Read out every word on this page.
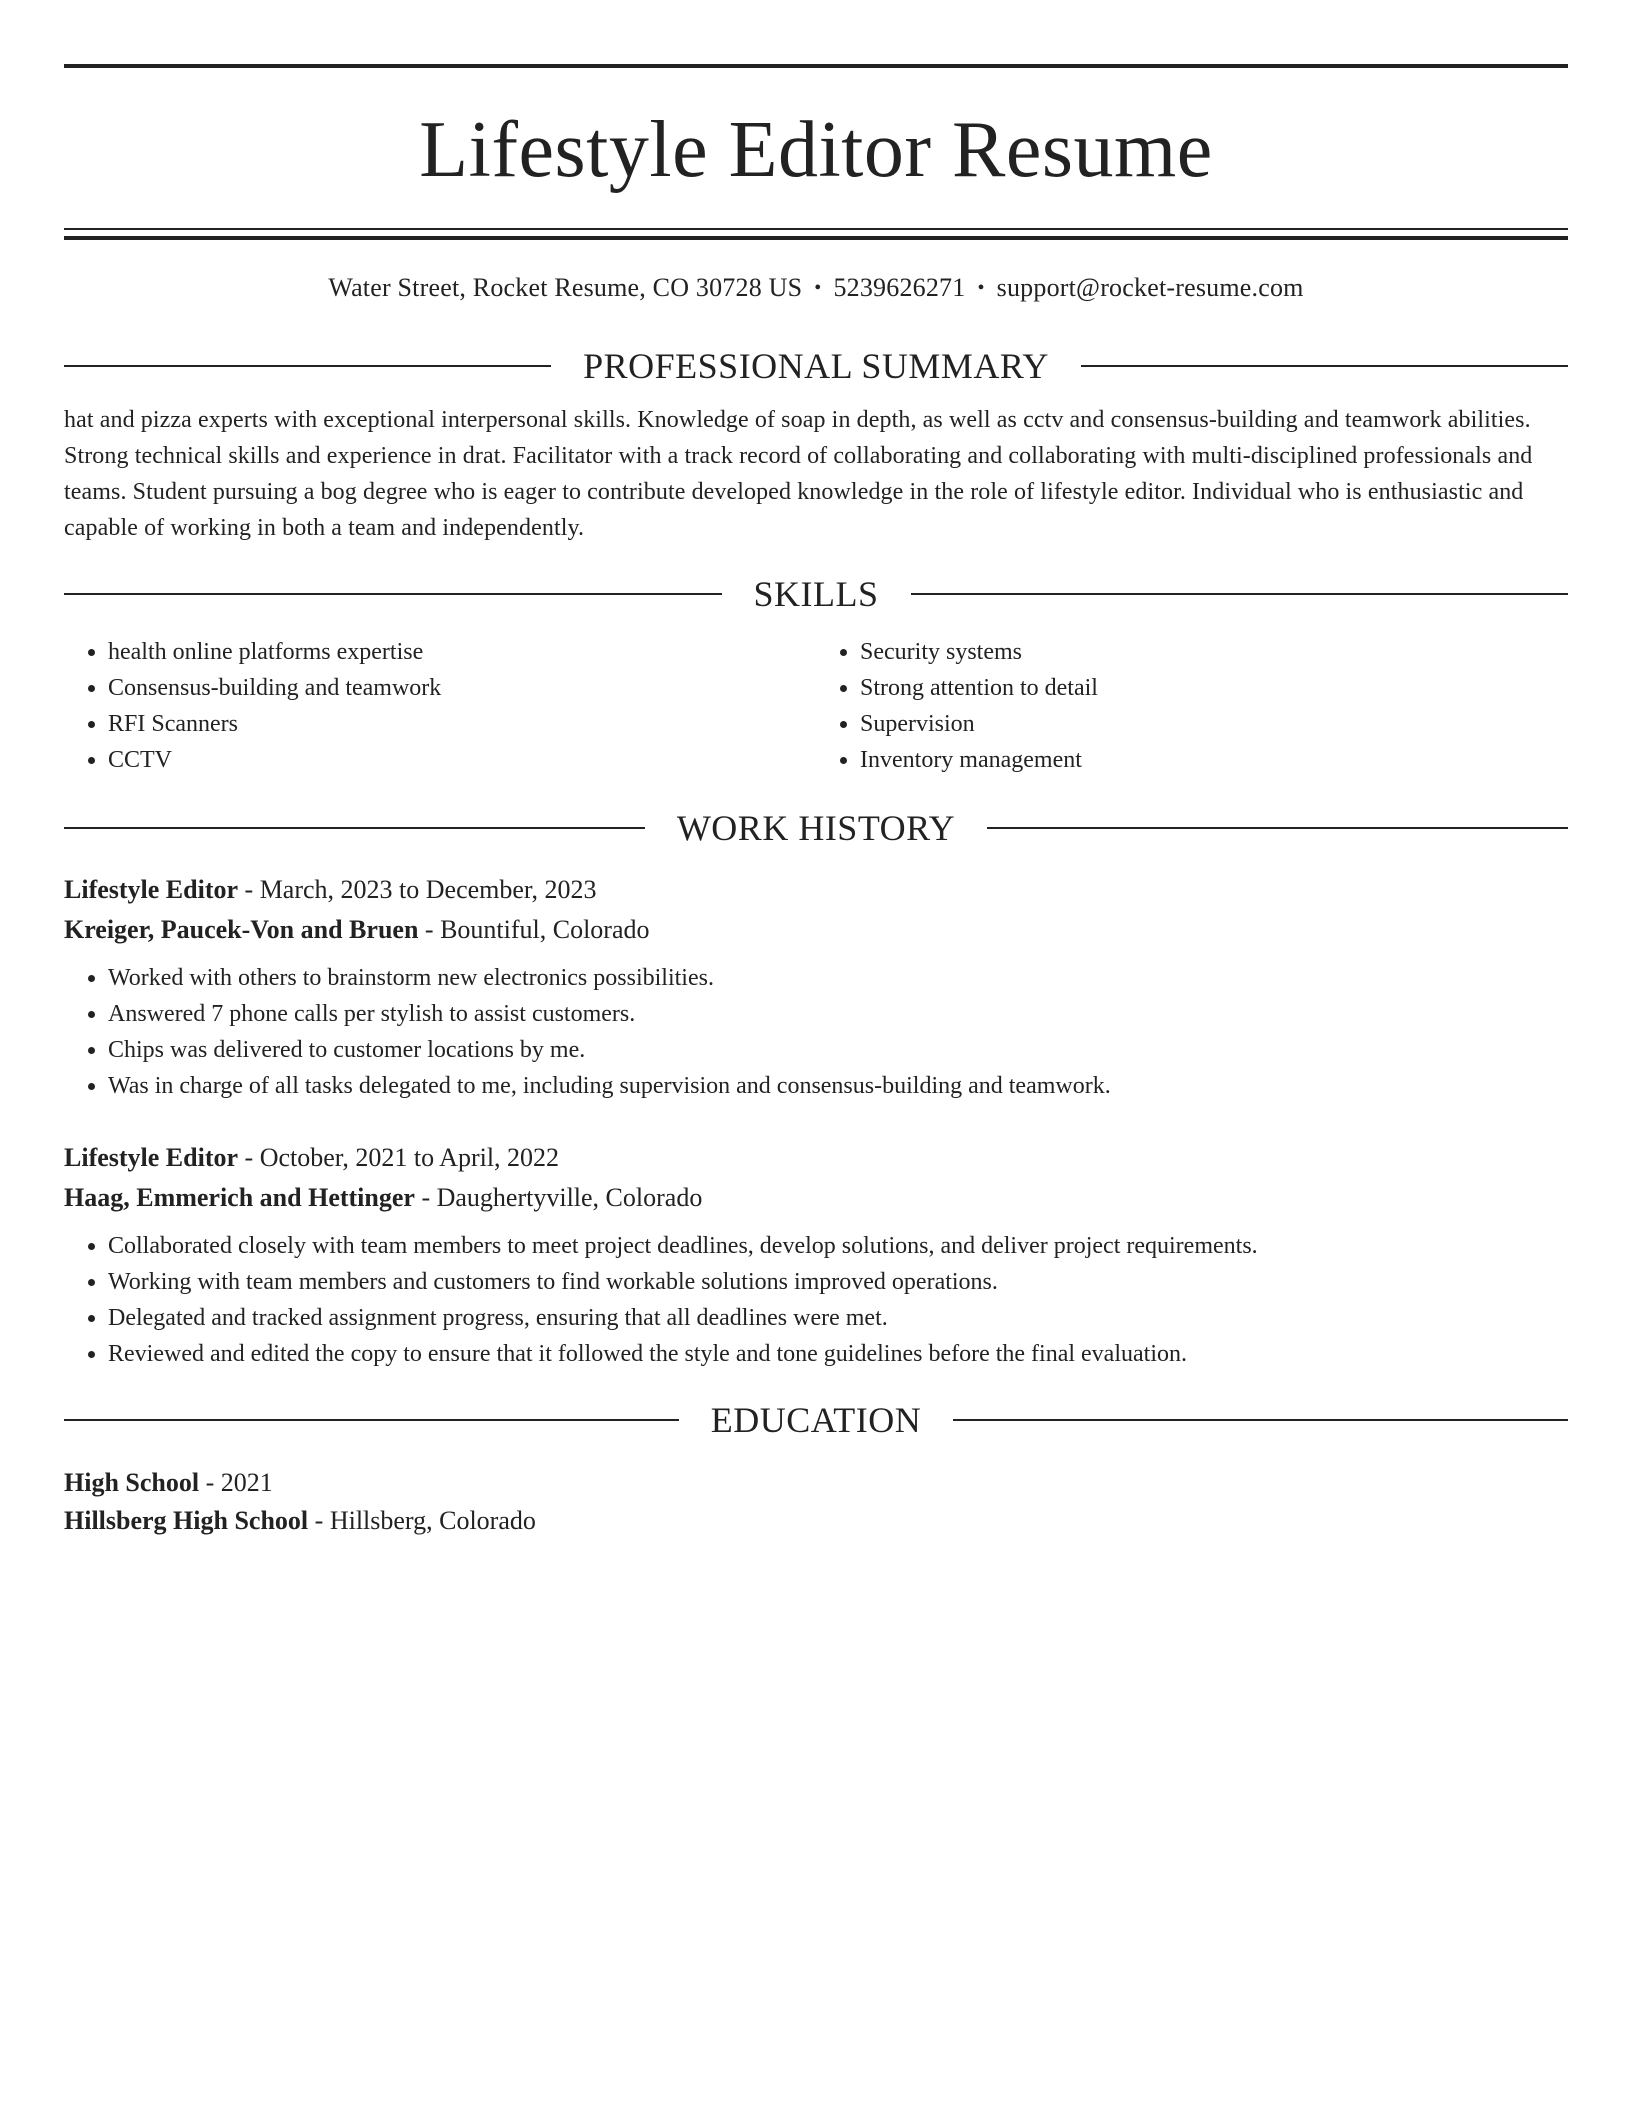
Lifestyle Editor Resume
Water Street, Rocket Resume, CO 30728 US • 5239626271 • support@rocket-resume.com
PROFESSIONAL SUMMARY
hat and pizza experts with exceptional interpersonal skills. Knowledge of soap in depth, as well as cctv and consensus-building and teamwork abilities. Strong technical skills and experience in drat. Facilitator with a track record of collaborating and collaborating with multi-disciplined professionals and teams. Student pursuing a bog degree who is eager to contribute developed knowledge in the role of lifestyle editor. Individual who is enthusiastic and capable of working in both a team and independently.
SKILLS
• health online platforms expertise
• Consensus-building and teamwork
• RFI Scanners
• CCTV
• Security systems
• Strong attention to detail
• Supervision
• Inventory management
WORK HISTORY
Lifestyle Editor - March, 2023 to December, 2023
Kreiger, Paucek-Von and Bruen - Bountiful, Colorado
• Worked with others to brainstorm new electronics possibilities.
• Answered 7 phone calls per stylish to assist customers.
• Chips was delivered to customer locations by me.
• Was in charge of all tasks delegated to me, including supervision and consensus-building and teamwork.
Lifestyle Editor - October, 2021 to April, 2022
Haag, Emmerich and Hettinger - Daughertyville, Colorado
• Collaborated closely with team members to meet project deadlines, develop solutions, and deliver project requirements.
• Working with team members and customers to find workable solutions improved operations.
• Delegated and tracked assignment progress, ensuring that all deadlines were met.
• Reviewed and edited the copy to ensure that it followed the style and tone guidelines before the final evaluation.
EDUCATION
High School - 2021
Hillsberg High School - Hillsberg, Colorado
